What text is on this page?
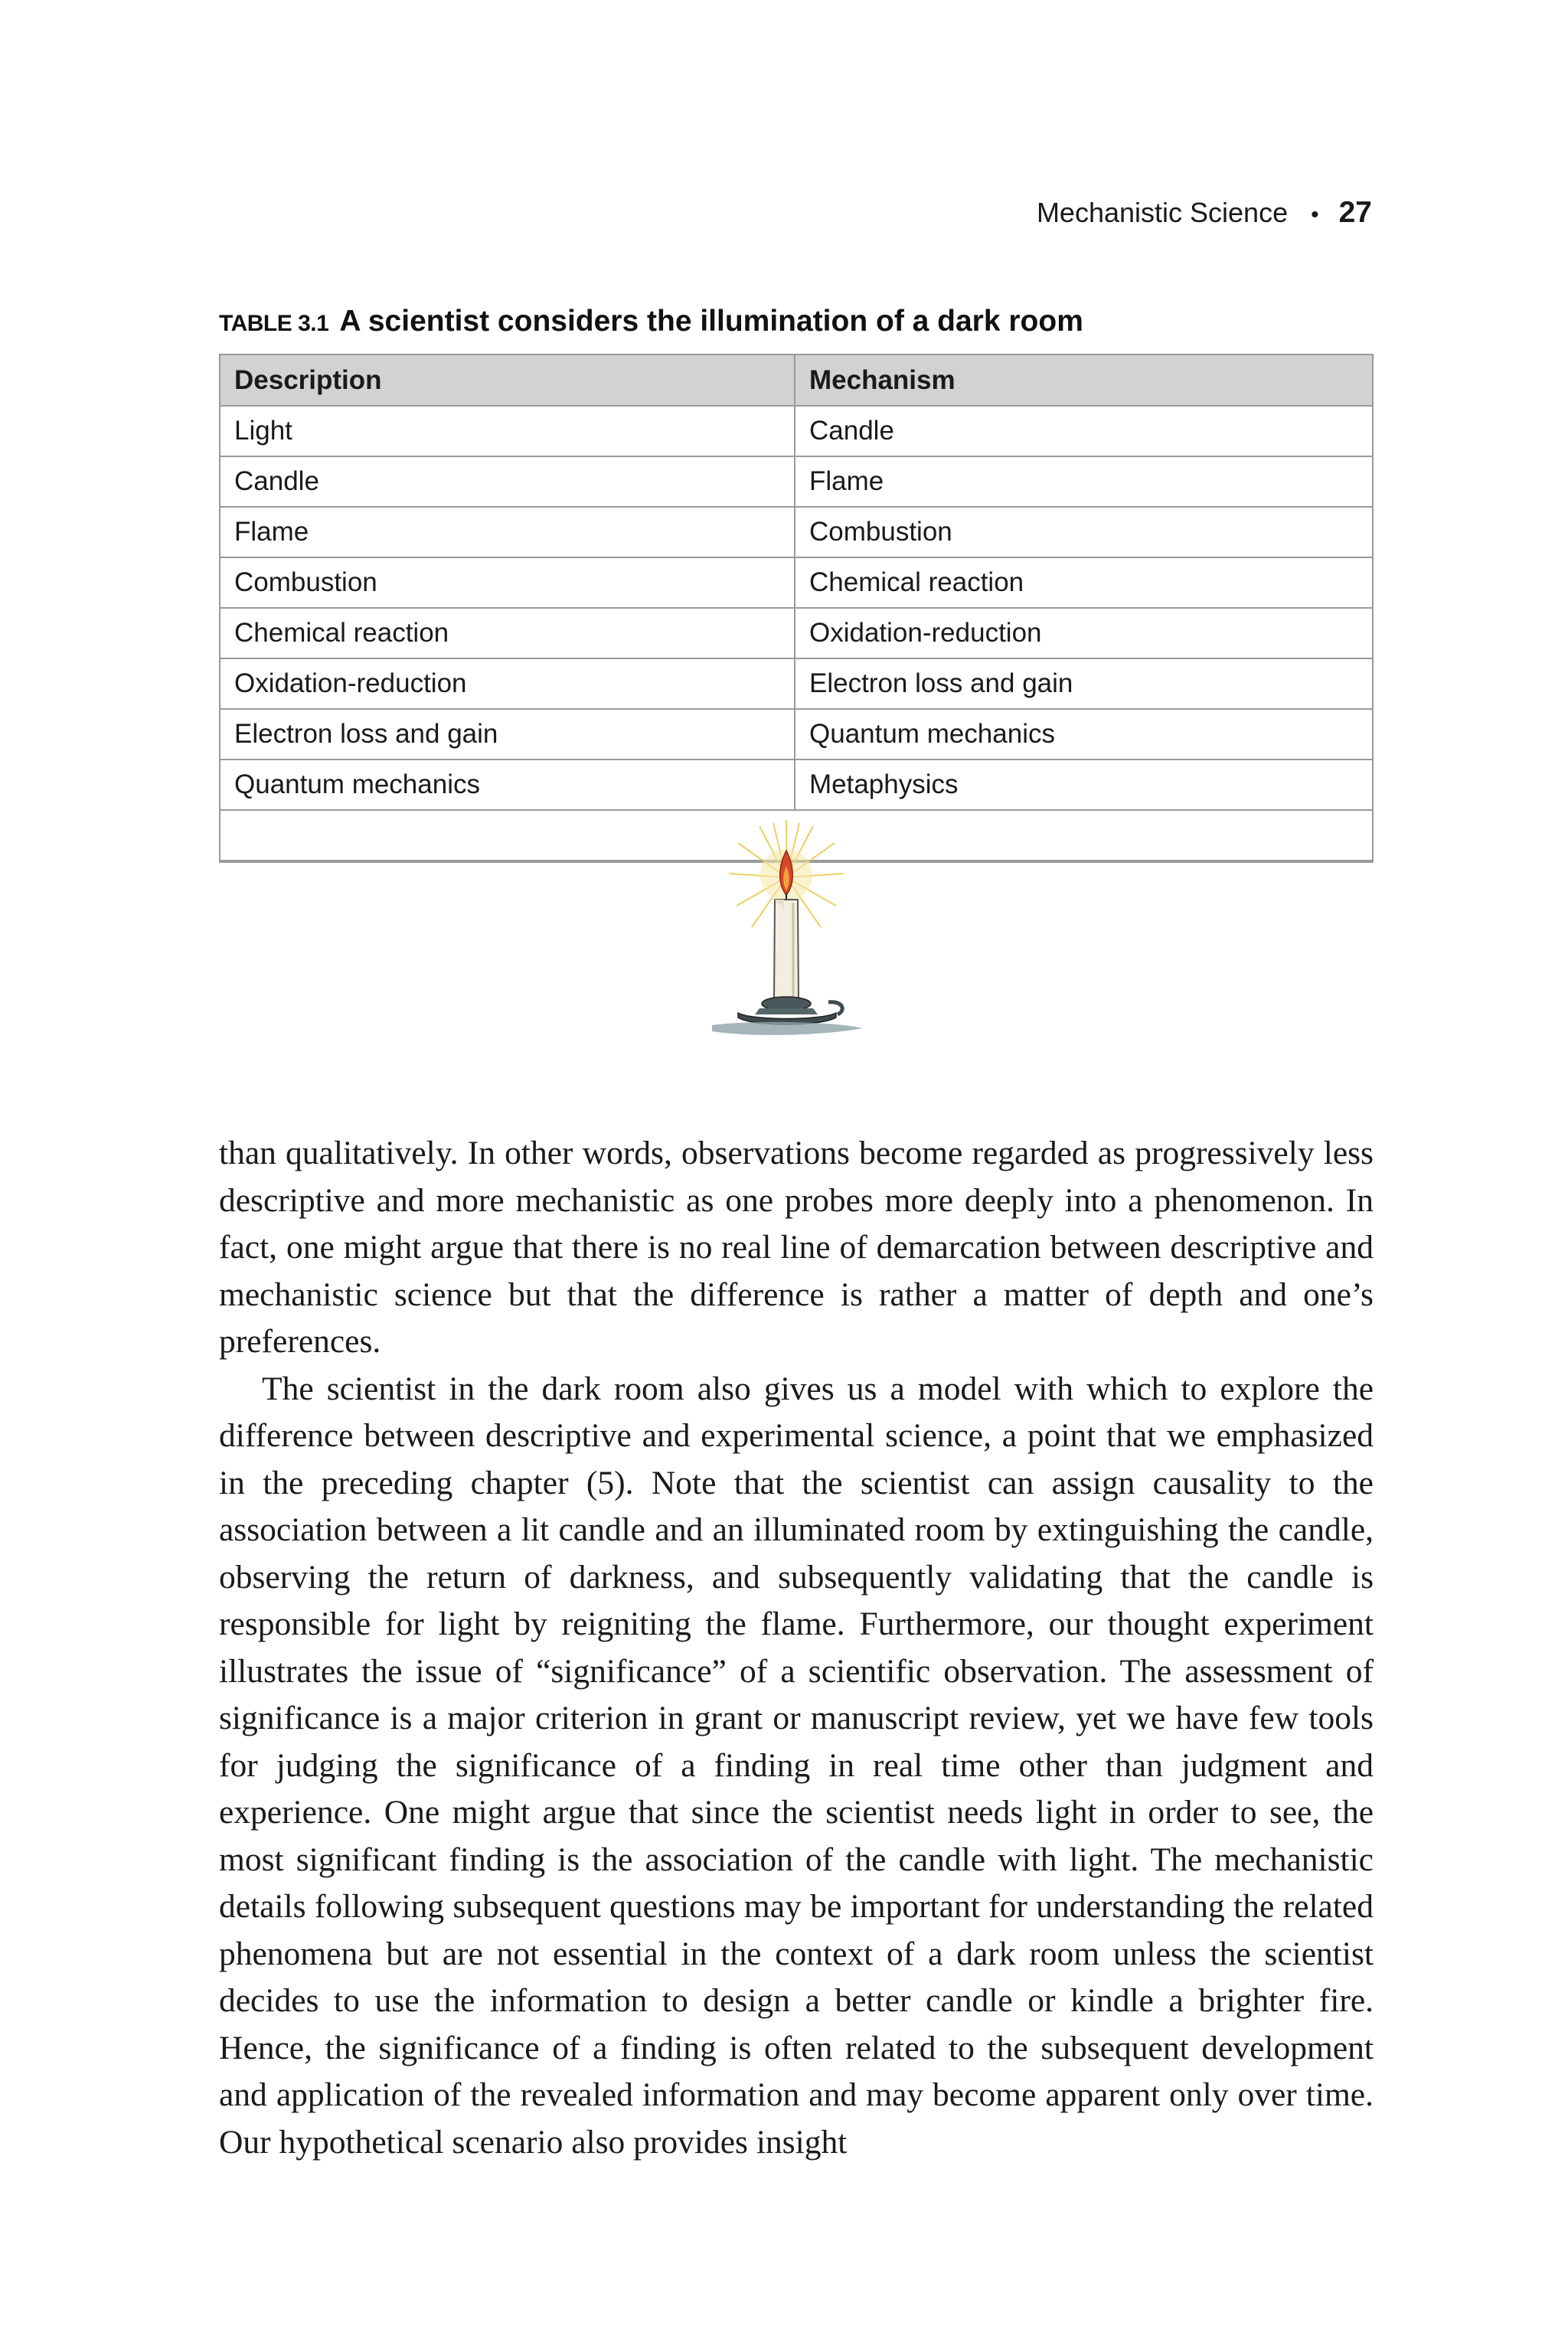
Mechanistic Science • 27
TABLE 3.1 A scientist considers the illumination of a dark room
Description	Mechanism
Light	Candle
Candle	Flame
Flame	Combustion
Combustion	Chemical reaction
Chemical reaction	Oxidation-reduction
Oxidation-reduction	Electron loss and gain
Electron loss and gain	Quantum mechanics
Quantum mechanics	Metaphysics

than qualitatively. In other words, observations become regarded as progressively less descriptive and more mechanistic as one probes more deeply into a phenomenon. In fact, one might argue that there is no real line of demarcation between descriptive and mechanistic science but that the difference is rather a matter of depth and one’s preferences.

The scientist in the dark room also gives us a model with which to explore the difference between descriptive and experimental science, a point that we emphasized in the preceding chapter (5). Note that the scientist can assign causality to the association between a lit candle and an illuminated room by extinguishing the candle, observing the return of darkness, and subsequently validating that the candle is responsible for light by reigniting the flame. Furthermore, our thought experiment illustrates the issue of “significance” of a scientific observation. The assessment of significance is a major criterion in grant or manuscript review, yet we have few tools for judging the significance of a finding in real time other than judgment and experience. One might argue that since the scientist needs light in order to see, the most significant finding is the association of the candle with light. The mechanistic details following subsequent questions may be important for understanding the related phenomena but are not essential in the context of a dark room unless the scientist decides to use the information to design a better candle or kindle a brighter fire. Hence, the significance of a finding is often related to the subsequent development and application of the revealed information and may become apparent only over time. Our hypothetical scenario also provides insight
